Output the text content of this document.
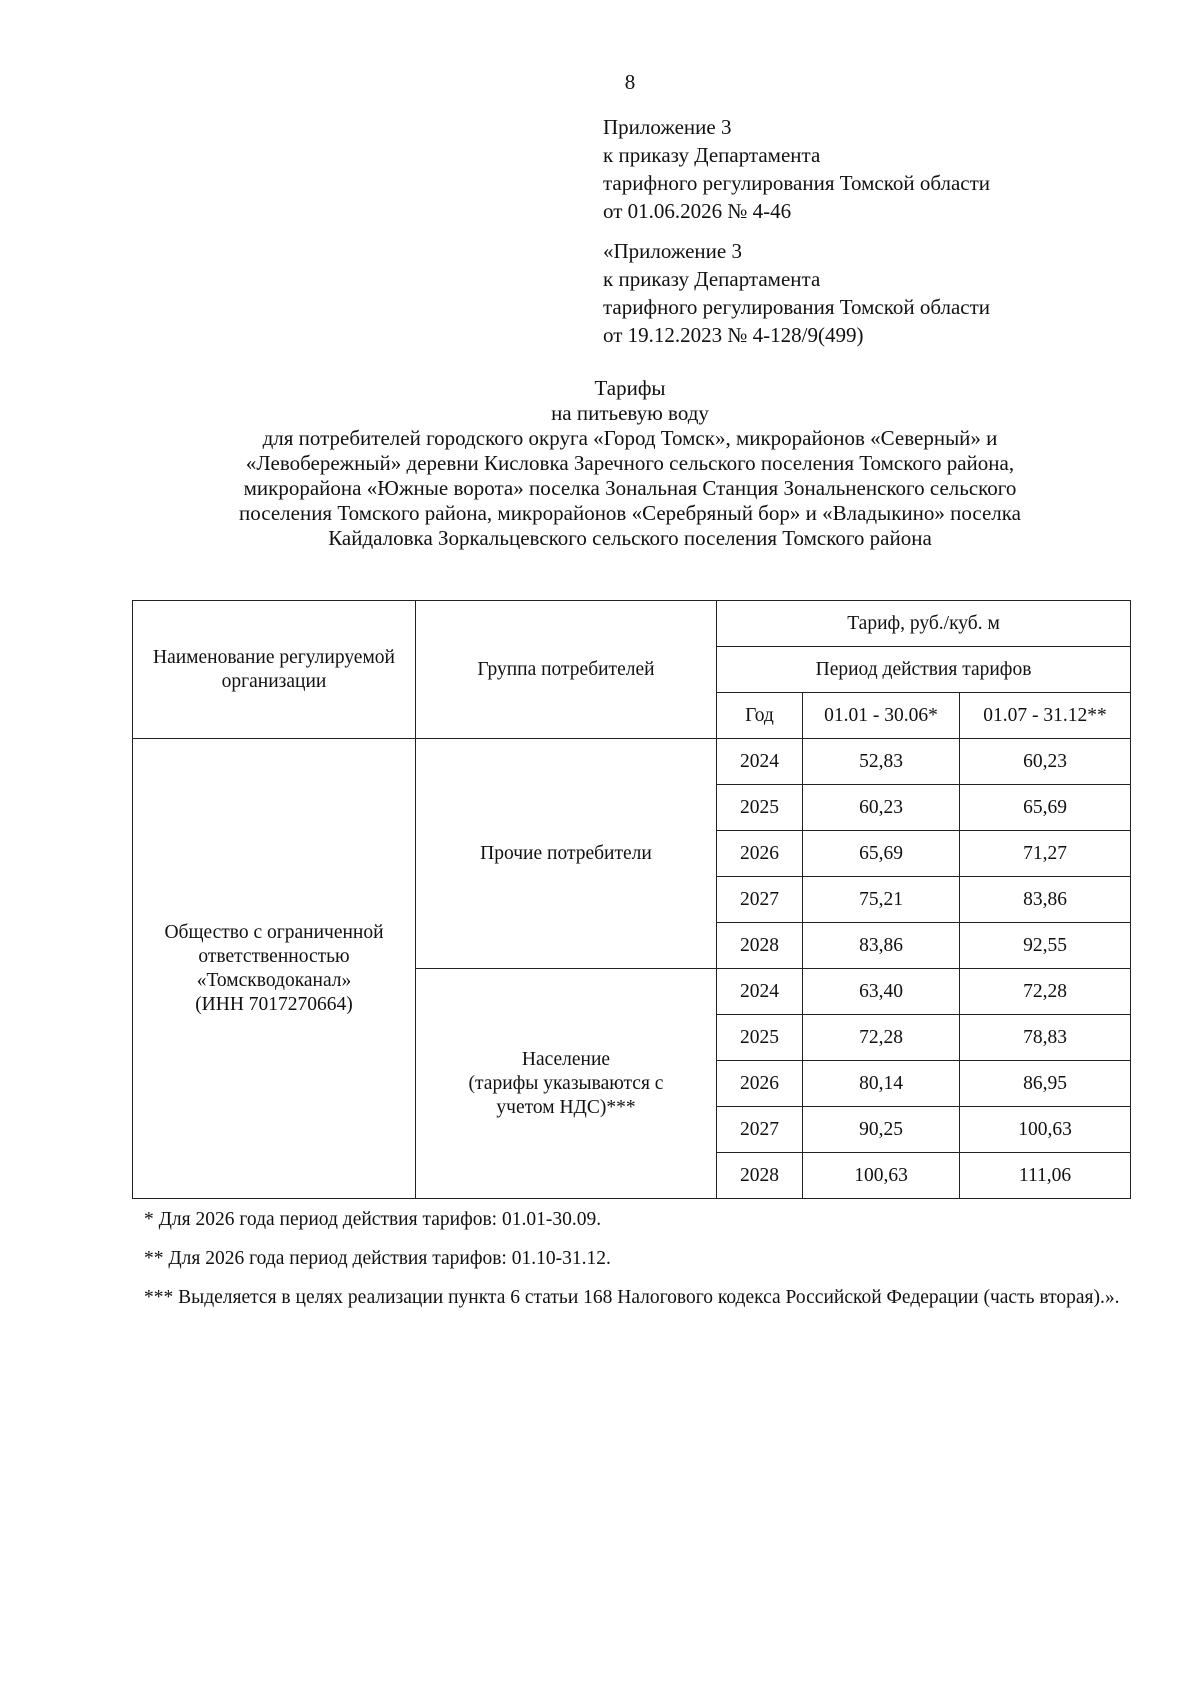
8
Приложение 3
к приказу Департамента
тарифного регулирования Томской области
от 01.06.2026 № 4-46
«Приложение 3
к приказу Департамента
тарифного регулирования Томской области
от 19.12.2023 № 4-128/9(499)
Тарифы
на питьевую воду
для потребителей городского округа «Город Томск», микрорайонов «Северный» и
«Левобережный» деревни Кисловка Заречного сельского поселения Томского района,
микрорайона «Южные ворота» поселка Зональная Станция Зональненского сельского
поселения Томского района, микрорайонов «Серебряный бор» и «Владыкино» поселка
Кайдаловка Зоркальцевского сельского поселения Томского района
Наименование регулируемой организации	Группа потребителей	Тариф, руб./куб. м		
		Период действия тарифов		
		Год	01.01 - 30.06*	01.07 - 31.12**

Общество с ограниченной
ответственностью
«Томскводоканал»
(ИНН 7017270664)	Прочие потребители	2024	52,83	60,23
		2025	60,23	65,69
		2026	65,69	71,27
		2027	75,21	83,86
		2028	83,86	92,55

	Население
(тарифы указываются с
учетом НДС)***	2024	63,40	72,28
		2025	72,28	78,83
		2026	80,14	86,95
		2027	90,25	100,63
		2028	100,63	111,06

* Для 2026 года период действия тарифов: 01.01-30.09.

** Для 2026 года период действия тарифов: 01.10-31.12.

*** Выделяется в целях реализации пункта 6 статьи 168 Налогового кодекса Российской Федерации (часть вторая).».
